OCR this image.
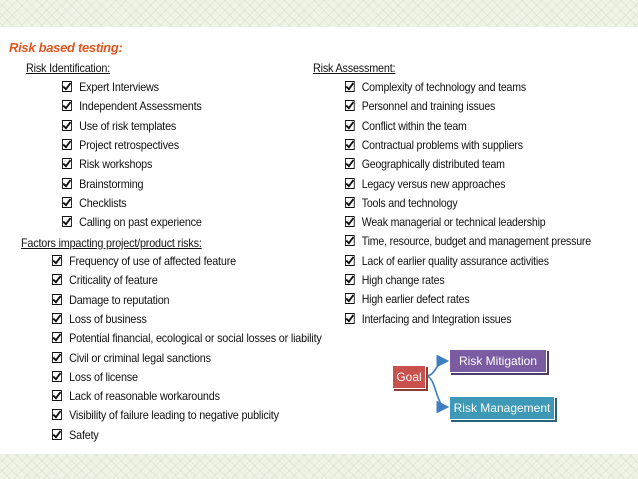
Risk based testing:
Risk Identification:
Expert Interviews
Independent Assessments
Use of risk templates
Project retrospectives
Risk workshops
Brainstorming
Checklists
Calling on past experience
Factors impacting project/product risks:
Frequency of use of affected feature
Criticality of feature
Damage to reputation
Loss of business
Potential financial, ecological or social losses or liability
Civil or criminal legal sanctions
Loss of license
Lack of reasonable workarounds
Visibility of failure leading to negative publicity
Safety
Risk Assessment:
Complexity of technology and teams
Personnel and training issues
Conflict within the team
Contractual problems with suppliers
Geographically distributed team
Legacy versus new approaches
Tools and technology
Weak managerial or technical leadership
Time, resource, budget and management pressure
Lack of earlier quality assurance activities
High change rates
High earlier defect rates
Interfacing and Integration issues
Goal
Risk Mitigation
Risk Management
